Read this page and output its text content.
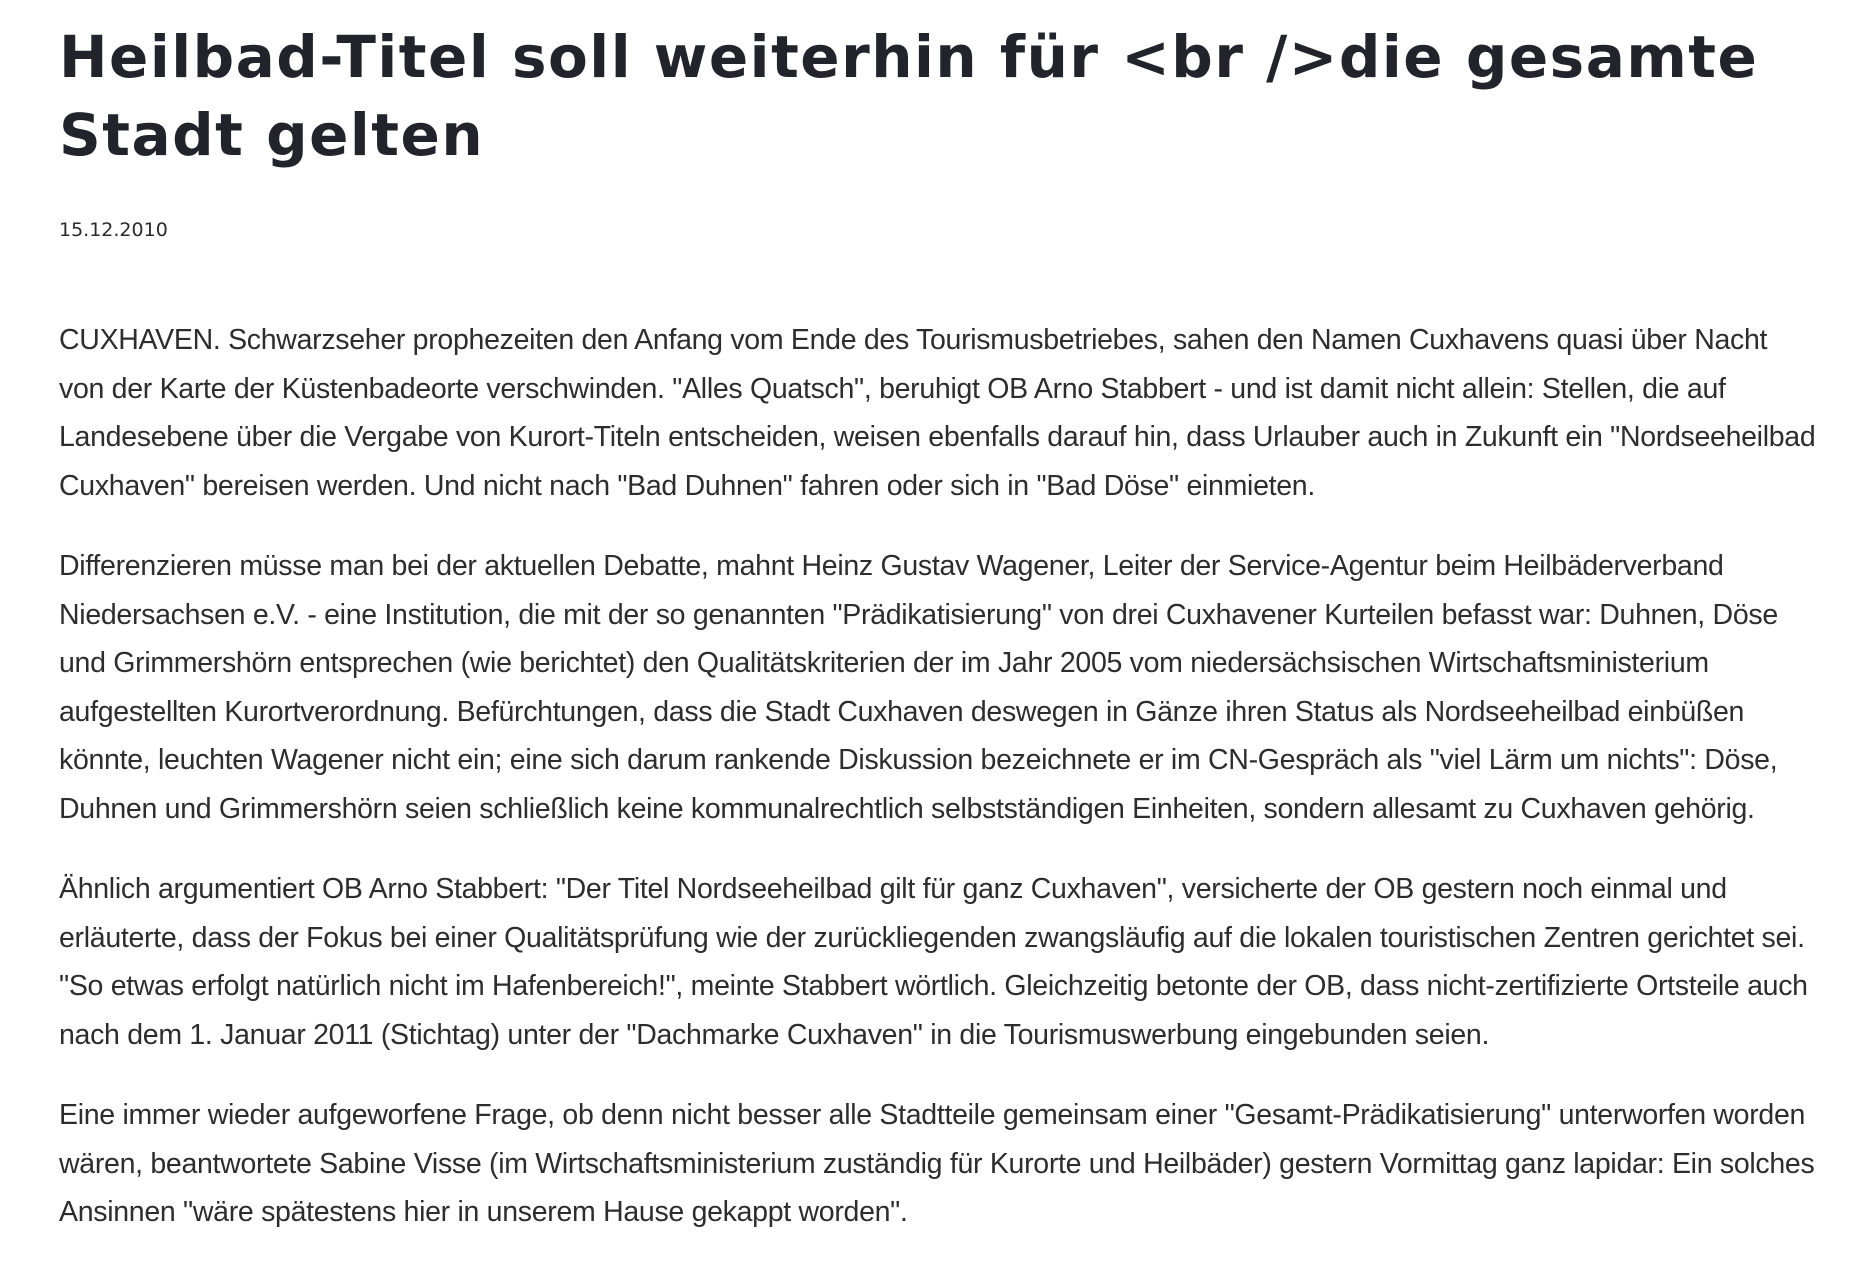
Heilbad-Titel soll weiterhin für <br />die gesamte Stadt gelten
15.12.2010

CUXHAVEN. Schwarzseher prophezeiten den Anfang vom Ende des Tourismusbetriebes, sahen den Namen Cuxhavens quasi über Nacht von der Karte der Küstenbadeorte verschwinden. "Alles Quatsch", beruhigt OB Arno Stabbert - und ist damit nicht allein: Stellen, die auf Landesebene über die Vergabe von Kurort-Titeln entscheiden, weisen ebenfalls darauf hin, dass Urlauber auch in Zukunft ein "Nordseeheilbad Cuxhaven" bereisen werden. Und nicht nach "Bad Duhnen" fahren oder sich in "Bad Döse" einmieten.

Differenzieren müsse man bei der aktuellen Debatte, mahnt Heinz Gustav Wagener, Leiter der Service-Agentur beim Heilbäderverband Niedersachsen e.V. - eine Institution, die mit der so genannten "Prädikatisierung" von drei Cuxhavener Kurteilen befasst war: Duhnen, Döse und Grimmershörn entsprechen (wie berichtet) den Qualitätskriterien der im Jahr 2005 vom niedersächsischen Wirtschaftsministerium aufgestellten Kurortverordnung. Befürchtungen, dass die Stadt Cuxhaven deswegen in Gänze ihren Status als Nordseeheilbad einbüßen könnte, leuchten Wagener nicht ein; eine sich darum rankende Diskussion bezeichnete er im CN-Gespräch als "viel Lärm um nichts": Döse, Duhnen und Grimmershörn seien schließlich keine kommunalrechtlich selbstständigen Einheiten, sondern allesamt zu Cuxhaven gehörig.

Ähnlich argumentiert OB Arno Stabbert: "Der Titel Nordseeheilbad gilt für ganz Cuxhaven", versicherte der OB gestern noch einmal und erläuterte, dass der Fokus bei einer Qualitätsprüfung wie der zurückliegenden zwangsläufig auf die lokalen touristischen Zentren gerichtet sei. "So etwas erfolgt natürlich nicht im Hafenbereich!", meinte Stabbert wörtlich. Gleichzeitig betonte der OB, dass nicht-zertifizierte Ortsteile auch nach dem 1. Januar 2011 (Stichtag) unter der "Dachmarke Cuxhaven" in die Tourismuswerbung eingebunden seien.

Eine immer wieder aufgeworfene Frage, ob denn nicht besser alle Stadtteile gemeinsam einer "Gesamt-Prädikatisierung" unterworfen worden wären, beantwortete Sabine Visse (im Wirtschaftsministerium zuständig für Kurorte und Heilbäder) gestern Vormittag ganz lapidar: Ein solches Ansinnen "wäre spätestens hier in unserem Hause gekappt worden".
